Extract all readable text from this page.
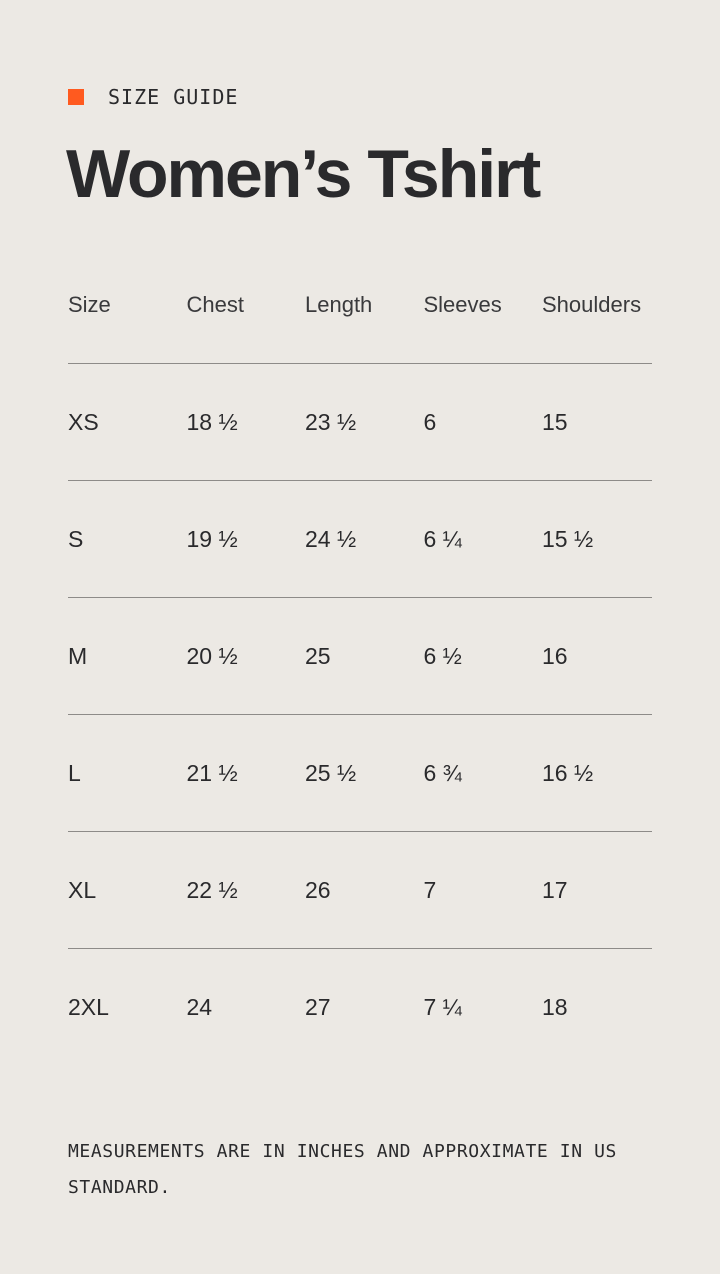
SIZE GUIDE
Women’s Tshirt
Size	Chest	Length	Sleeves	Shoulders
XS	18 ½	23 ½	6	15
S	19 ½	24 ½	6 ¼	15 ½
M	20 ½	25	6 ½	16
L	21 ½	25 ½	6 ¾	16 ½
XL	22 ½	26	7	17
2XL	24	27	7 ¼	18

MEASUREMENTS ARE IN INCHES AND APPROXIMATE IN US STANDARD.
